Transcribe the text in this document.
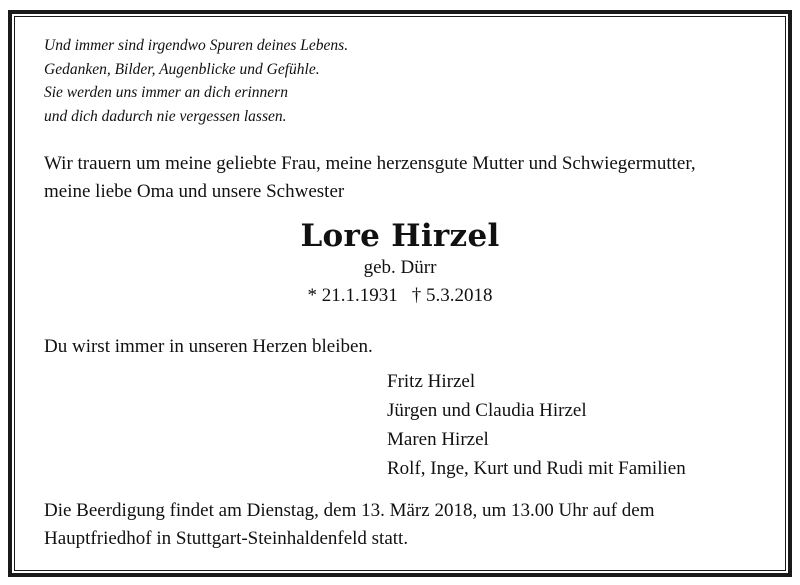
Und immer sind irgendwo Spuren deines Lebens.
Gedanken, Bilder, Augenblicke und Gefühle.
Sie werden uns immer an dich erinnern
und dich dadurch nie vergessen lassen.
Wir trauern um meine geliebte Frau, meine herzensgute Mutter und Schwiegermutter,
meine liebe Oma und unsere Schwester
Lore Hirzel
geb. Dürr
* 21.1.1931 † 5.3.2018
Du wirst immer in unseren Herzen bleiben.
Fritz Hirzel
Jürgen und Claudia Hirzel
Maren Hirzel
Rolf, Inge, Kurt und Rudi mit Familien
Die Beerdigung findet am Dienstag, dem 13. März 2018, um 13.00 Uhr auf dem
Hauptfriedhof in Stuttgart-Steinhaldenfeld statt.
